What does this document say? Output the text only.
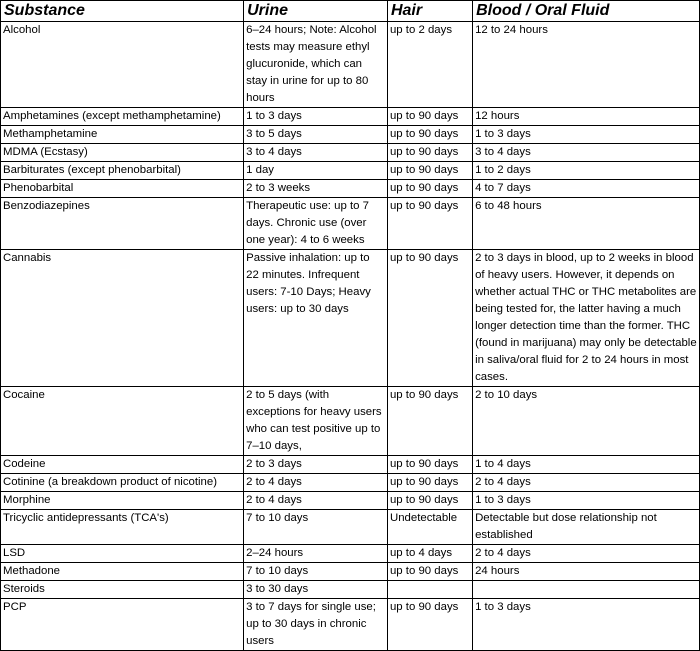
Substance	Urine	Hair	Blood / Oral Fluid
Alcohol	6–24 hours; Note: Alcohol tests may measure ethyl glucuronide, which can stay in urine for up to 80 hours	up to 2 days	12 to 24 hours
Amphetamines (except methamphetamine)	1 to 3 days	up to 90 days	12 hours
Methamphetamine	3 to 5 days	up to 90 days	1 to 3 days
MDMA (Ecstasy)	3 to 4 days	up to 90 days	3 to 4 days
Barbiturates (except phenobarbital)	1 day	up to 90 days	1 to 2 days
Phenobarbital	2 to 3 weeks	up to 90 days	4 to 7 days
Benzodiazepines	Therapeutic use: up to 7 days. Chronic use (over one year): 4 to 6 weeks	up to 90 days	6 to 48 hours
Cannabis	Passive inhalation: up to 22 minutes. Infrequent users: 7-10 Days; Heavy users: up to 30 days	up to 90 days	2 to 3 days in blood, up to 2 weeks in blood of heavy users. However, it depends on whether actual THC or THC metabolites are being tested for, the latter having a much longer detection time than the former. THC (found in marijuana) may only be detectable in saliva/oral fluid for 2 to 24 hours in most cases.
Cocaine	2 to 5 days (with exceptions for heavy users who can test positive up to 7–10 days,	up to 90 days	2 to 10 days
Codeine	2 to 3 days	up to 90 days	1 to 4 days
Cotinine (a breakdown product of nicotine)	2 to 4 days	up to 90 days	2 to 4 days
Morphine	2 to 4 days	up to 90 days	1 to 3 days
Tricyclic antidepressants (TCA's)	7 to 10 days	Undetectable	Detectable but dose relationship not established
LSD	2–24 hours	up to 4 days	2 to 4 days
Methadone	7 to 10 days	up to 90 days	24 hours
Steroids	3 to 30 days		
PCP	3 to 7 days for single use; up to 30 days in chronic users	up to 90 days	1 to 3 days
